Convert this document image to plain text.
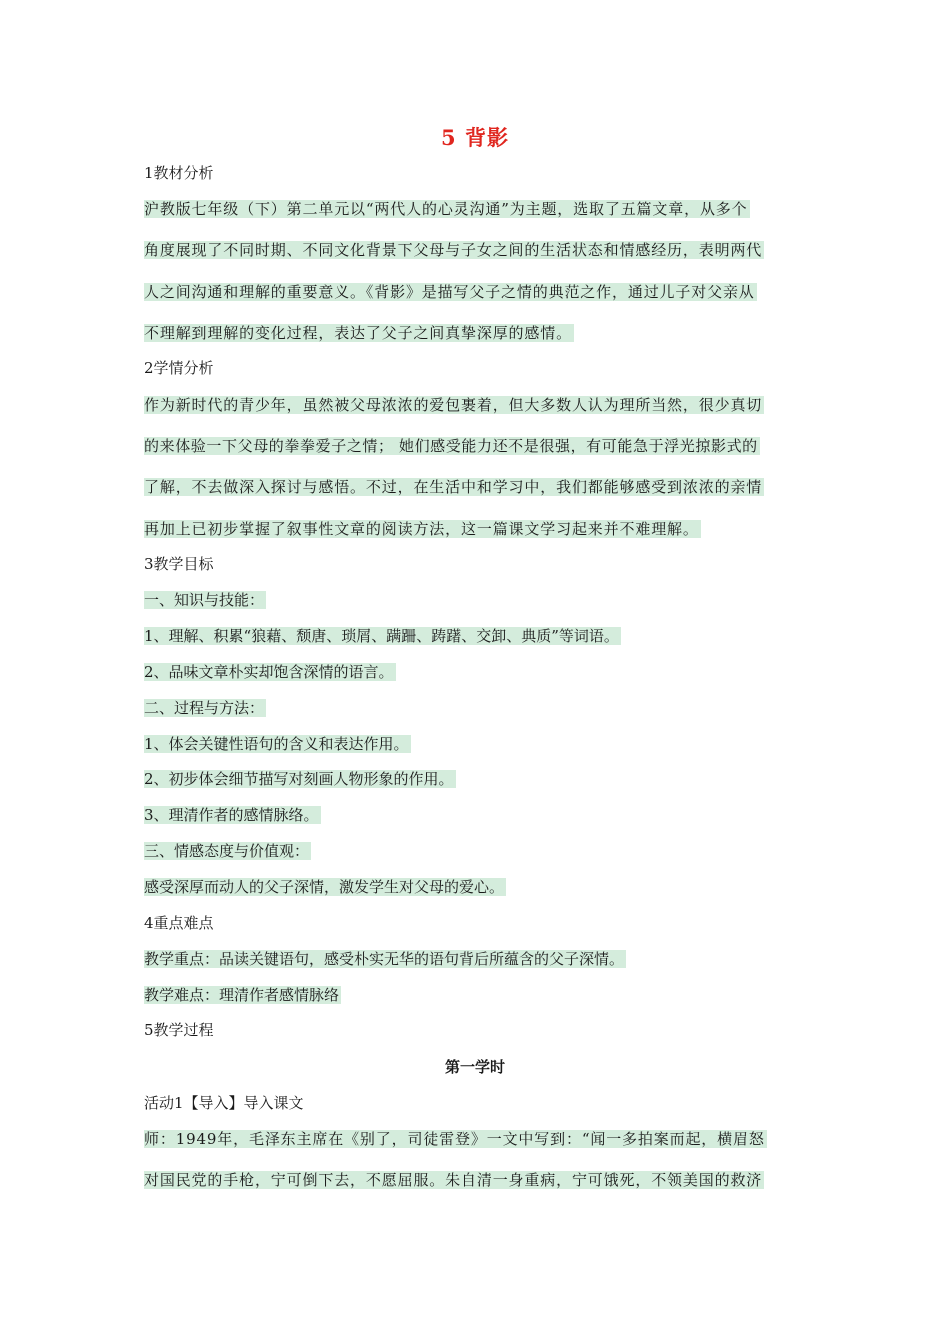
5 背影
1教材分析
沪教版七年级（下）第二单元以“两代人的心灵沟通”为主题，选取了五篇文章，从多个
角度展现了不同时期、不同文化背景下父母与子女之间的生活状态和情感经历，表明两代
人之间沟通和理解的重要意义。《背影》是描写父子之情的典范之作，通过儿子对父亲从
不理解到理解的变化过程，表达了父子之间真挚深厚的感情。
2学情分析
作为新时代的青少年，虽然被父母浓浓的爱包裹着，但大多数人认为理所当然，很少真切
的来体验一下父母的拳拳爱子之情； 她们感受能力还不是很强，有可能急于浮光掠影式的
了解，不去做深入探讨与感悟。不过，在生活中和学习中，我们都能够感受到浓浓的亲情
再加上已初步掌握了叙事性文章的阅读方法，这一篇课文学习起来并不难理解。
3教学目标
一、知识与技能：
1、理解、积累“狼藉、颓唐、琐屑、蹒跚、踌躇、交卸、典质”等词语。
2、品味文章朴实却饱含深情的语言。
二、过程与方法：
1、体会关键性语句的含义和表达作用。
2、初步体会细节描写对刻画人物形象的作用。
3、理清作者的感情脉络。
三、情感态度与价值观：
感受深厚而动人的父子深情，激发学生对父母的爱心。
4重点难点
教学重点：品读关键语句，感受朴实无华的语句背后所蕴含的父子深情。
教学难点：理清作者感情脉络
5教学过程
第一学时
活动1【导入】导入课文
师：1949年，毛泽东主席在《别了，司徒雷登》一文中写到：“闻一多拍案而起，横眉怒
对国民党的手枪，宁可倒下去，不愿屈服。朱自清一身重病，宁可饿死，不领美国的救济
